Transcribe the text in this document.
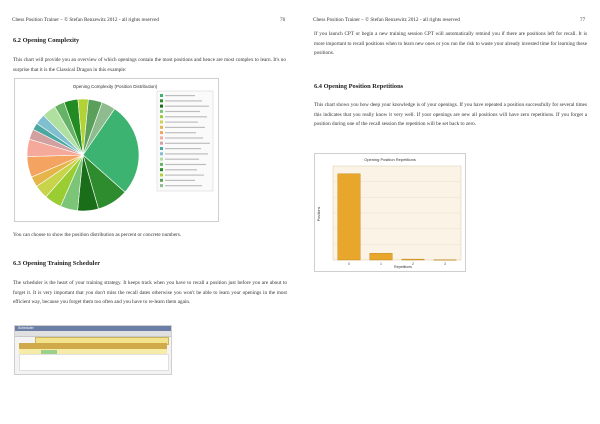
Chess Position Trainer – © Stefan Renzewitz 2012 - all rights reserved	76
6.2 Opening Complexity
This chart will provide you an overview of which openings contain the most positions and hence are most complex to learn. It's no surprise that it is the Classical Dragon in this example:
Opening Complexity (Position Distribution)
You can choose to show the position distribution as percent or concrete numbers.
6.3 Opening Training Scheduler
The scheduler is the heart of your training strategy. It keeps track when you have to recall a position just before you are about to forget it. It is very important that you don't miss the recall dates otherwise you won't be able to learn your openings in the most efficient way, because you forget them too often and you have to re-learn them again.
Scheduler
Chess Position Trainer – © Stefan Renzewitz 2012 - all rights reserved	77
If you launch CPT or begin a new training session CPT will automatically remind you if there are positions left for recall. It is more important to recall positions when to learn new ones or you run the risk to waste your already invested time for learning these positions.
6.4 Opening Position Repetitions
This chart shows you how deep your knowledge is of your openings. If you have repeated a position successfully for several times this indicates that you really know it very well. If your openings are new all positions will have zero repetitions. If you forget a position during one of the recall session the repetition will be set back to zero.
Opening Position Repetitions
0	1	2	3
Repetitions
Positions
